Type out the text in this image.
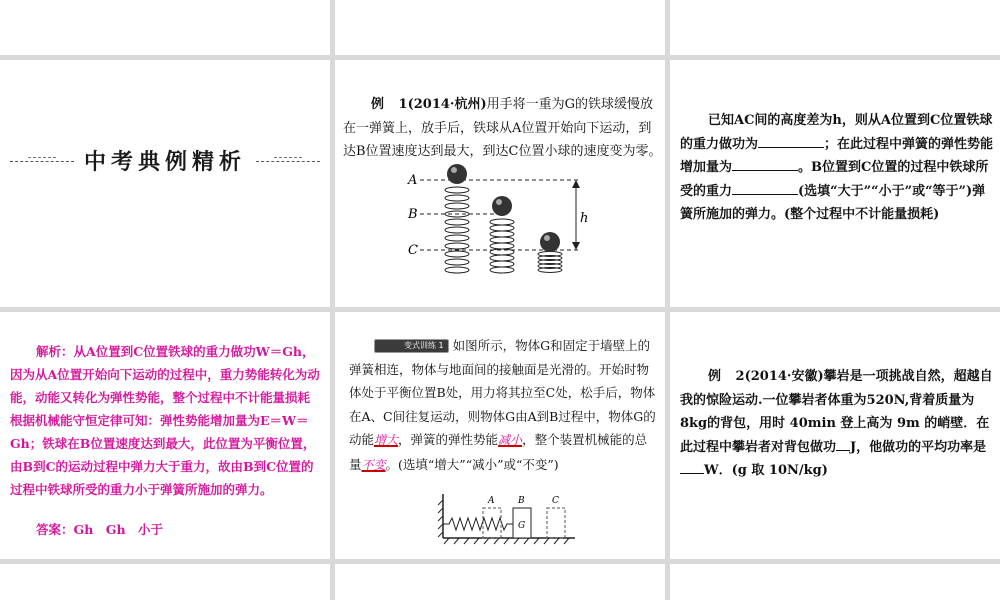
中考典例精析
例 1(2014·杭州)用手将一重为G的铁球缓慢放在一弹簧上，放手后，铁球从A位置开始向下运动，到达B位置速度达到最大，到达C位置小球的速度变为零。
A
B
C
h
已知AC间的高度差为h，则从A位置到C位置铁球的重力做功为	；在此过程中弹簧的弹性势能增加量为	。B位置到C位置的过程中铁球所受的重力	(选填“大于”“小于”或“等于”)弹簧所施加的弹力。(整个过程中不计能量损耗)
解析：从A位置到C位置铁球的重力做功W＝Gh，因为从A位置开始向下运动的过程中，重力势能转化为动能，动能又转化为弹性势能，整个过程中不计能量损耗根据机械能守恒定律可知：弹性势能增加量为E＝W＝Gh；铁球在B位置速度达到最大，此位置为平衡位置，由B到C的运动过程中弹力大于重力，故由B到C位置的过程中铁球所受的重力小于弹簧所施加的弹力。
答案：Gh　Gh　小于
变式训练 1 如图所示，物体G和固定于墙壁上的弹簧相连，物体与地面间的接触面是光滑的。开始时物体处于平衡位置B处，用力将其拉至C处，松手后，物体在A、C间往复运动，则物体G由A到B过程中，物体G的动能增大，弹簧的弹性势能减小，整个装置机械能的总量不变。(选填“增大”“减小”或“不变”)
A	B	C
G
例 2(2014·安徽)攀岩是一项挑战自然，超越自我的惊险运动.一位攀岩者体重为520N,背着质量为8kg的背包，用时 40min 登上高为 9m 的峭壁．在此过程中攀岩者对背包做功 J，他做功的平均功率是W．(g 取 10N/kg)
